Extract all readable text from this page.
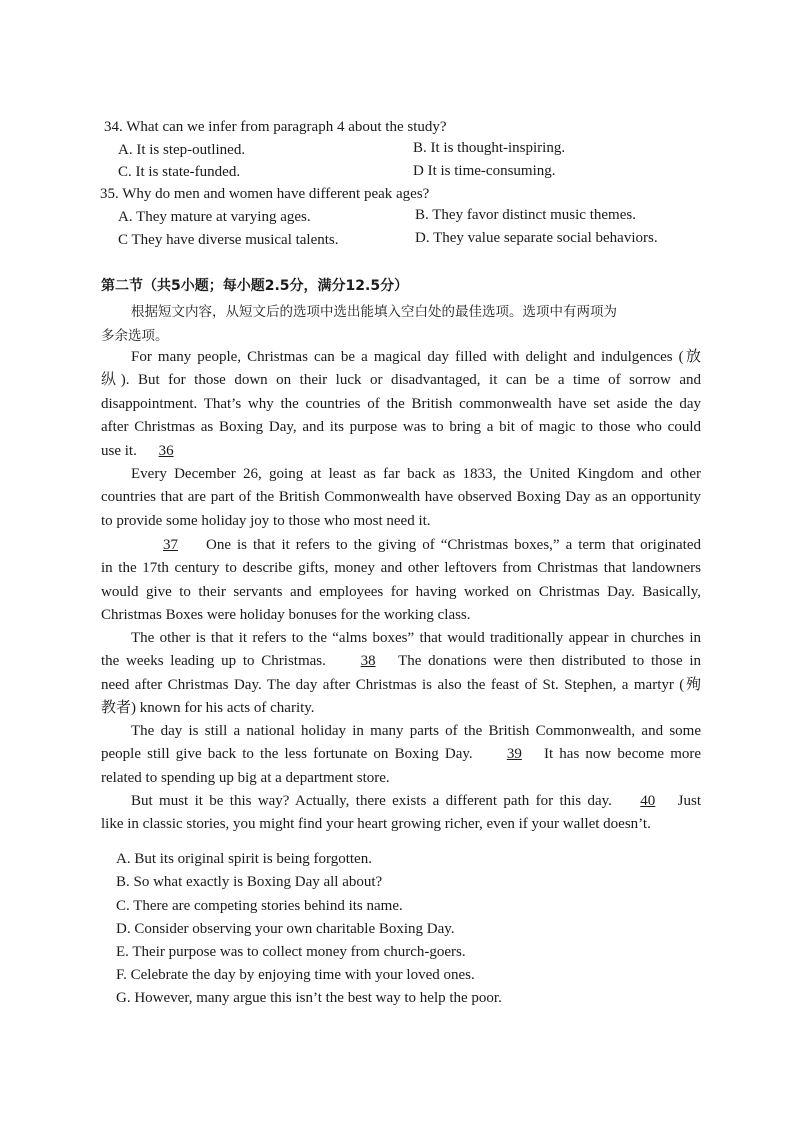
34. What can we infer from paragraph 4 about the study?
A. It is step-outlined.	B. It is thought-inspiring.
C. It is state-funded.	D It is time-consuming.
35. Why do men and women have different peak ages?
A. They mature at varying ages.	B. They favor distinct music themes.
C They have diverse musical talents.	D. They value separate social behaviors.
第二节（共5小题；每小题2.5分，满分12.5分）
根据短文内容，从短文后的选项中选出能填入空白处的最佳选项。选项中有两项为
多余选项。
For many people, Christmas can be a magical day filled with delight and indulgences (放
纵). But for those down on their luck or disadvantaged, it can be a time of sorrow and
disappointment. That’s why the countries of the British commonwealth have set aside the day
after Christmas as Boxing Day, and its purpose was to bring a bit of magic to those who could
use it. 36
Every December 26, going at least as far back as 1833, the United Kingdom and other
countries that are part of the British Commonwealth have observed Boxing Day as an opportunity
to provide some holiday joy to those who most need it.
37 One is that it refers to the giving of “Christmas boxes,” a term that originated
in the 17th century to describe gifts, money and other leftovers from Christmas that landowners
would give to their servants and employees for having worked on Christmas Day. Basically,
Christmas Boxes were holiday bonuses for the working class.
The other is that it refers to the “alms boxes” that would traditionally appear in churches in
the weeks leading up to Christmas. 38 The donations were then distributed to those in
need after Christmas Day. The day after Christmas is also the feast of St. Stephen, a martyr (殉
教者) known for his acts of charity.
The day is still a national holiday in many parts of the British Commonwealth, and some
people still give back to the less fortunate on Boxing Day. 39 It has now become more
related to spending up big at a department store.
But must it be this way? Actually, there exists a different path for this day. 40 Just
like in classic stories, you might find your heart growing richer, even if your wallet doesn’t.
A. But its original spirit is being forgotten.
B. So what exactly is Boxing Day all about?
C. There are competing stories behind its name.
D. Consider observing your own charitable Boxing Day.
E. Their purpose was to collect money from church-goers.
F. Celebrate the day by enjoying time with your loved ones.
G. However, many argue this isn’t the best way to help the poor.
